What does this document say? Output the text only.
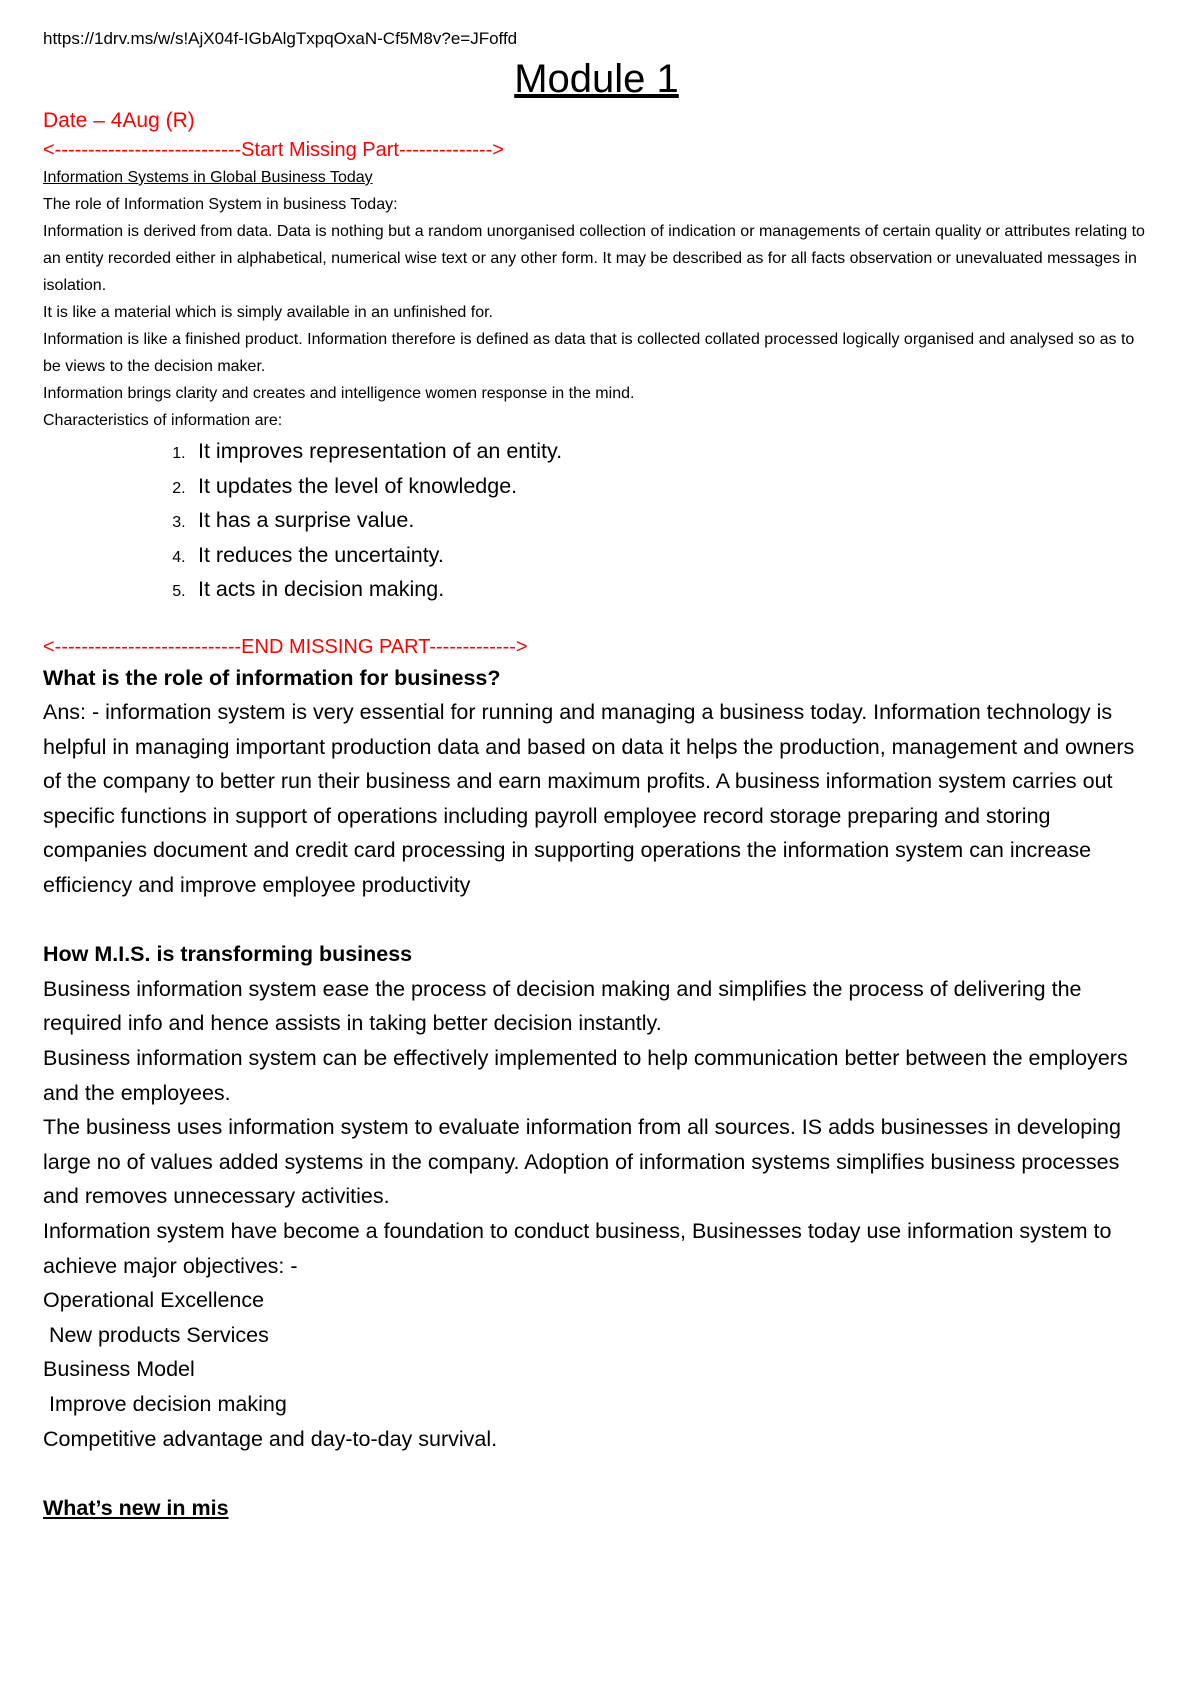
https://1drv.ms/w/s!AjX04f-IGbAlgTxpqOxaN-Cf5M8v?e=JFoffd

Module 1

Date – 4Aug (R)

<----------------------------Start Missing Part-------------->

Information Systems in Global Business Today

The role of Information System in business Today:

Information is derived from data. Data is nothing but a random unorganised collection of indication or managements of certain quality or attributes relating to an entity recorded either in alphabetical, numerical wise text or any other form. It may be described as for all facts observation or unevaluated messages in isolation.

It is like a material which is simply available in an unfinished for.

Information is like a finished product. Information therefore is defined as data that is collected collated processed logically organised and analysed so as to be views to the decision maker.

Information brings clarity and creates and intelligence women response in the mind.

Characteristics of information are:

1. It improves representation of an entity.
2. It updates the level of knowledge.
3. It has a surprise value.
4. It reduces the uncertainty.
5. It acts in decision making.

<----------------------------END MISSING PART------------->

What is the role of information for business?

Ans: - information system is very essential for running and managing a business today. Information technology is helpful in managing important production data and based on data it helps the production, management and owners of the company to better run their business and earn maximum profits. A business information system carries out specific functions in support of operations including payroll employee record storage preparing and storing companies document and credit card processing in supporting operations the information system can increase efficiency and improve employee productivity

How M.I.S. is transforming business

Business information system ease the process of decision making and simplifies the process of delivering the required info and hence assists in taking better decision instantly.

Business information system can be effectively implemented to help communication better between the employers and the employees.

The business uses information system to evaluate information from all sources. IS adds businesses in developing large no of values added systems in the company. Adoption of information systems simplifies business processes and removes unnecessary activities.

Information system have become a foundation to conduct business, Businesses today use information system to achieve major objectives: -

Operational Excellence

New products Services

Business Model

Improve decision making

Competitive advantage and day-to-day survival.

What’s new in mis
